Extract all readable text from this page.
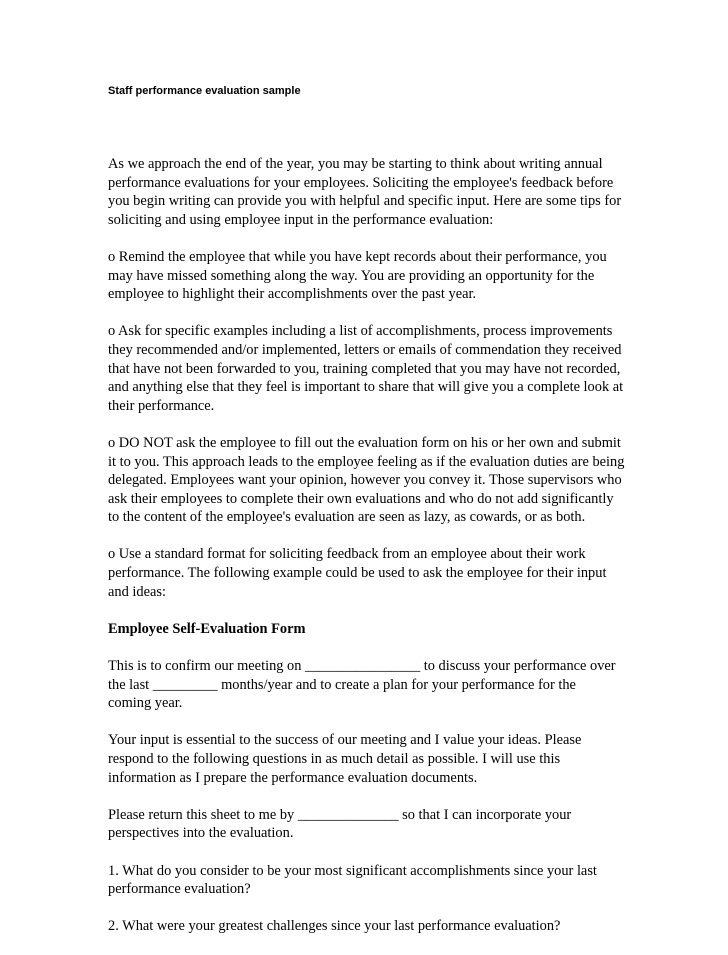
Staff performance evaluation sample

As we approach the end of the year, you may be starting to think about writing annual
performance evaluations for your employees. Soliciting the employee's feedback before
you begin writing can provide you with helpful and specific input. Here are some tips for
soliciting and using employee input in the performance evaluation:

o Remind the employee that while you have kept records about their performance, you
may have missed something along the way. You are providing an opportunity for the
employee to highlight their accomplishments over the past year.

o Ask for specific examples including a list of accomplishments, process improvements
they recommended and/or implemented, letters or emails of commendation they received
that have not been forwarded to you, training completed that you may have not recorded,
and anything else that they feel is important to share that will give you a complete look at
their performance.

o DO NOT ask the employee to fill out the evaluation form on his or her own and submit
it to you. This approach leads to the employee feeling as if the evaluation duties are being
delegated. Employees want your opinion, however you convey it. Those supervisors who
ask their employees to complete their own evaluations and who do not add significantly
to the content of the employee's evaluation are seen as lazy, as cowards, or as both.

o Use a standard format for soliciting feedback from an employee about their work
performance. The following example could be used to ask the employee for their input
and ideas:

Employee Self-Evaluation Form

This is to confirm our meeting on ________________ to discuss your performance over
the last _________ months/year and to create a plan for your performance for the
coming year.

Your input is essential to the success of our meeting and I value your ideas. Please
respond to the following questions in as much detail as possible. I will use this
information as I prepare the performance evaluation documents.

Please return this sheet to me by ______________ so that I can incorporate your
perspectives into the evaluation.

1. What do you consider to be your most significant accomplishments since your last
performance evaluation?

2. What were your greatest challenges since your last performance evaluation?
